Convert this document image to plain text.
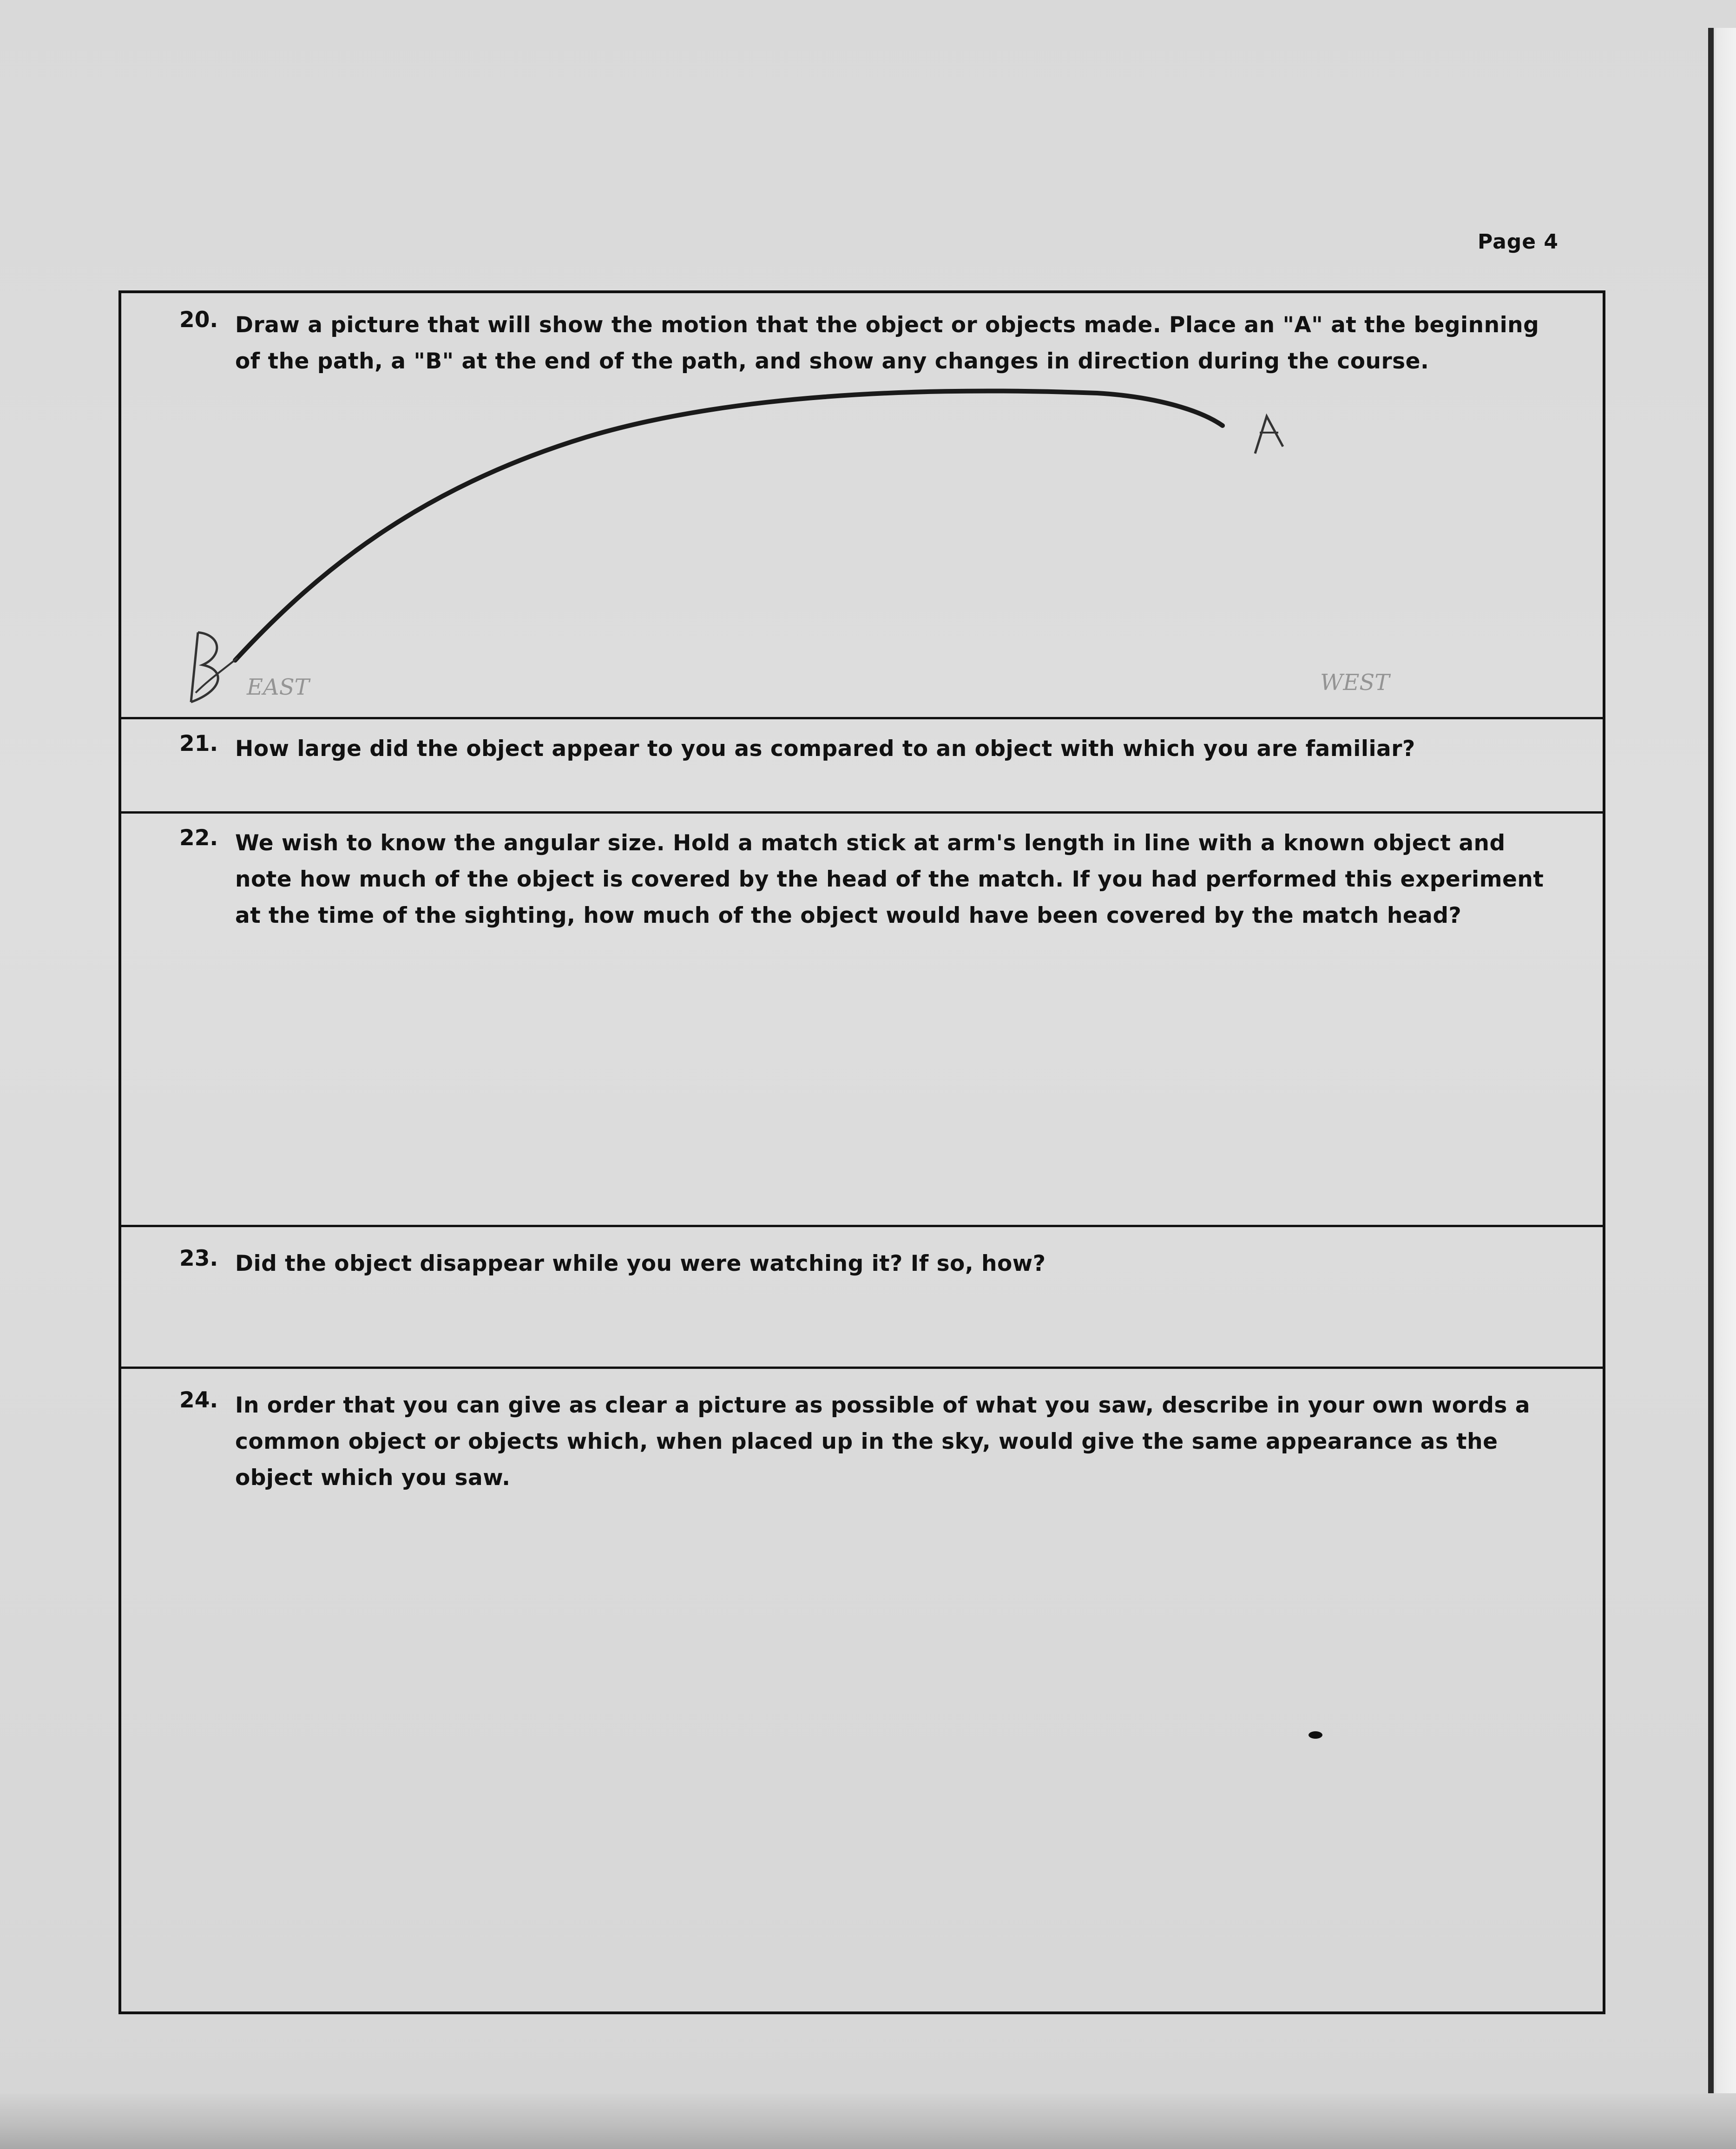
Page 4
20. Draw a picture that will show the motion that the object or objects made. Place an "A" at the beginning of the path, a "B" at the end of the path, and show any changes in direction during the course.
EAST	WEST
21. How large did the object appear to you as compared to an object with which you are familiar?
22. We wish to know the angular size. Hold a match stick at arm's length in line with a known object and note how much of the object is covered by the head of the match. If you had performed this experiment at the time of the sighting, how much of the object would have been covered by the match head?
23. Did the object disappear while you were watching it? If so, how?
24. In order that you can give as clear a picture as possible of what you saw, describe in your own words a common object or objects which, when placed up in the sky, would give the same appearance as the object which you saw.
